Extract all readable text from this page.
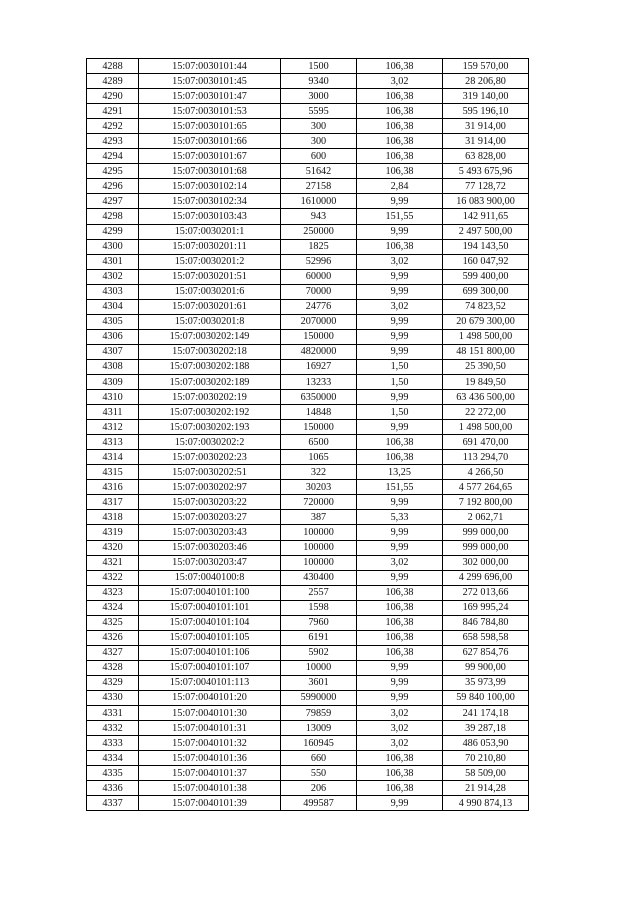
4288	15:07:0030101:44	1500	106,38	159 570,00
4289	15:07:0030101:45	9340	3,02	28 206,80
4290	15:07:0030101:47	3000	106,38	319 140,00
4291	15:07:0030101:53	5595	106,38	595 196,10
4292	15:07:0030101:65	300	106,38	31 914,00
4293	15:07:0030101:66	300	106,38	31 914,00
4294	15:07:0030101:67	600	106,38	63 828,00
4295	15:07:0030101:68	51642	106,38	5 493 675,96
4296	15:07:0030102:14	27158	2,84	77 128,72
4297	15:07:0030102:34	1610000	9,99	16 083 900,00
4298	15:07:0030103:43	943	151,55	142 911,65
4299	15:07:0030201:1	250000	9,99	2 497 500,00
4300	15:07:0030201:11	1825	106,38	194 143,50
4301	15:07:0030201:2	52996	3,02	160 047,92
4302	15:07:0030201:51	60000	9,99	599 400,00
4303	15:07:0030201:6	70000	9,99	699 300,00
4304	15:07:0030201:61	24776	3,02	74 823,52
4305	15:07:0030201:8	2070000	9,99	20 679 300,00
4306	15:07:0030202:149	150000	9,99	1 498 500,00
4307	15:07:0030202:18	4820000	9,99	48 151 800,00
4308	15:07:0030202:188	16927	1,50	25 390,50
4309	15:07:0030202:189	13233	1,50	19 849,50
4310	15:07:0030202:19	6350000	9,99	63 436 500,00
4311	15:07:0030202:192	14848	1,50	22 272,00
4312	15:07:0030202:193	150000	9,99	1 498 500,00
4313	15:07:0030202:2	6500	106,38	691 470,00
4314	15:07:0030202:23	1065	106,38	113 294,70
4315	15:07:0030202:51	322	13,25	4 266,50
4316	15:07:0030202:97	30203	151,55	4 577 264,65
4317	15:07:0030203:22	720000	9,99	7 192 800,00
4318	15:07:0030203:27	387	5,33	2 062,71
4319	15:07:0030203:43	100000	9,99	999 000,00
4320	15:07:0030203:46	100000	9,99	999 000,00
4321	15:07:0030203:47	100000	3,02	302 000,00
4322	15:07:0040100:8	430400	9,99	4 299 696,00
4323	15:07:0040101:100	2557	106,38	272 013,66
4324	15:07:0040101:101	1598	106,38	169 995,24
4325	15:07:0040101:104	7960	106,38	846 784,80
4326	15:07:0040101:105	6191	106,38	658 598,58
4327	15:07:0040101:106	5902	106,38	627 854,76
4328	15:07:0040101:107	10000	9,99	99 900,00
4329	15:07:0040101:113	3601	9,99	35 973,99
4330	15:07:0040101:20	5990000	9,99	59 840 100,00
4331	15:07:0040101:30	79859	3,02	241 174,18
4332	15:07:0040101:31	13009	3,02	39 287,18
4333	15:07:0040101:32	160945	3,02	486 053,90
4334	15:07:0040101:36	660	106,38	70 210,80
4335	15:07:0040101:37	550	106,38	58 509,00
4336	15:07:0040101:38	206	106,38	21 914,28
4337	15:07:0040101:39	499587	9,99	4 990 874,13
